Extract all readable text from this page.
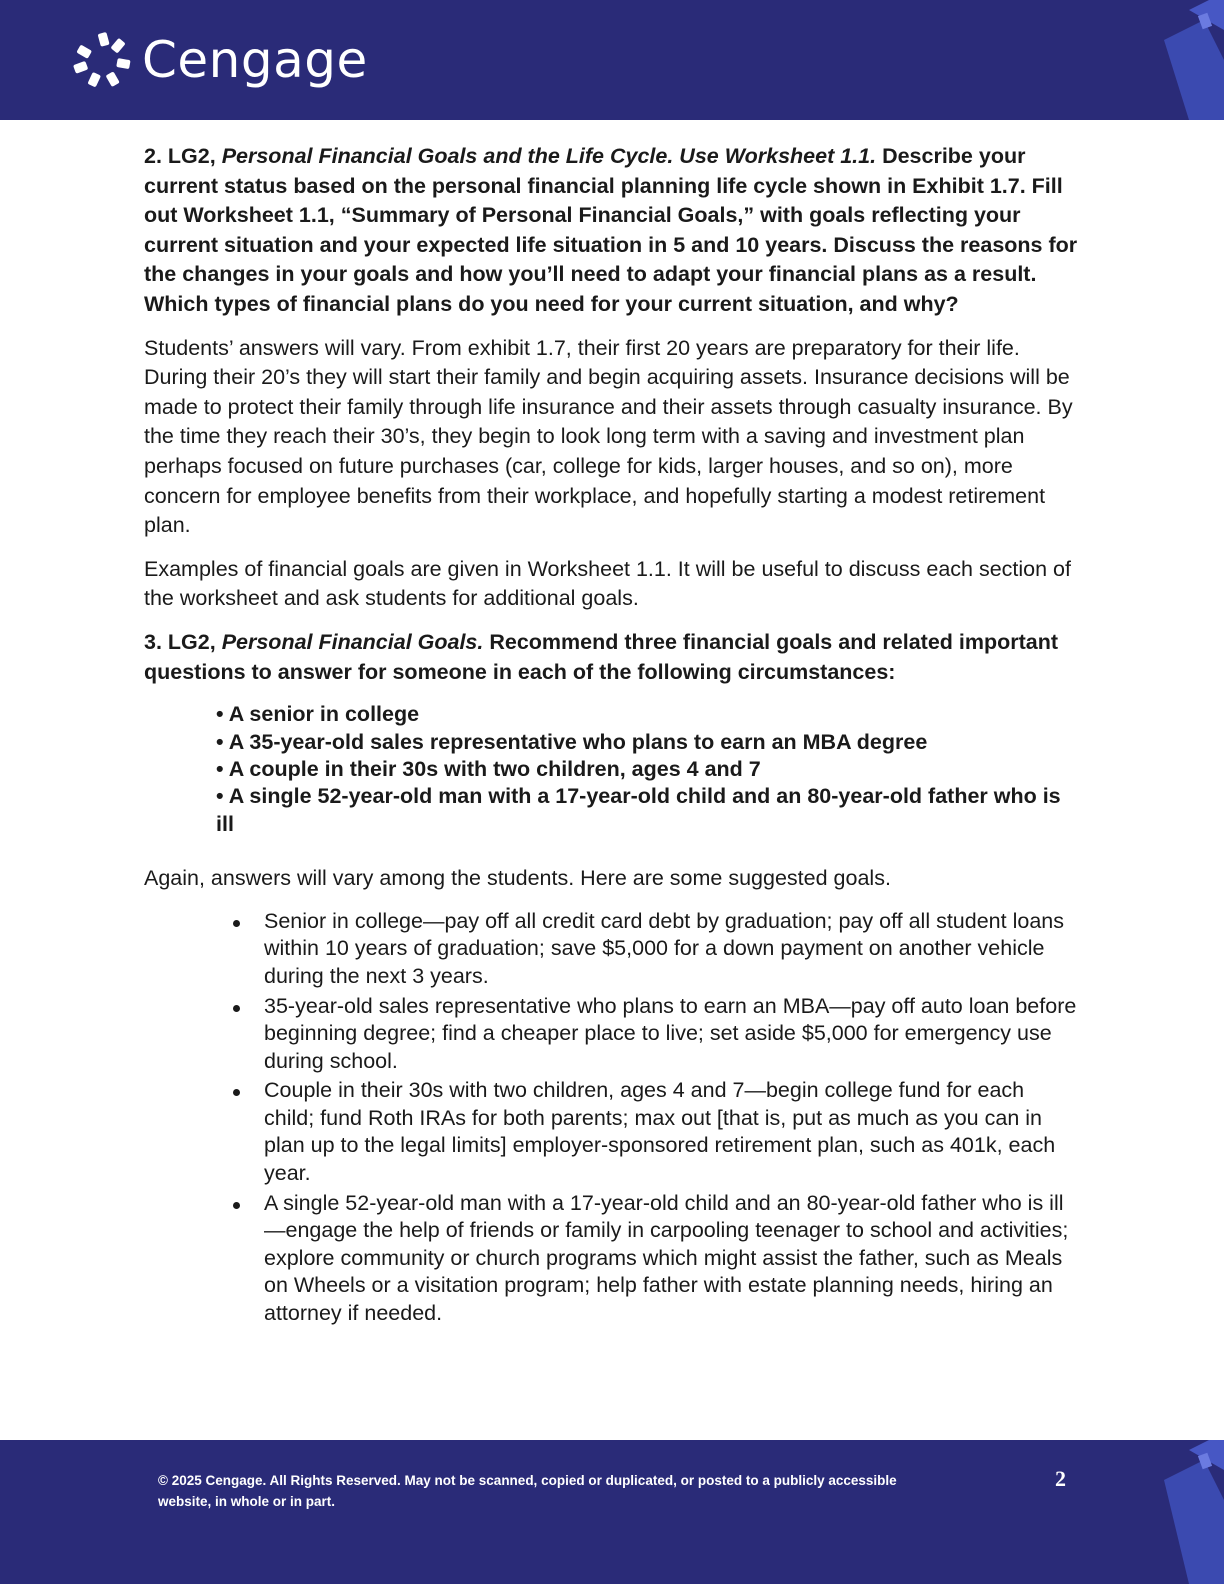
Cengage

2. LG2, Personal Financial Goals and the Life Cycle. Use Worksheet 1.1. Describe your current status based on the personal financial planning life cycle shown in Exhibit 1.7. Fill out Worksheet 1.1, “Summary of Personal Financial Goals,” with goals reflecting your current situation and your expected life situation in 5 and 10 years. Discuss the reasons for the changes in your goals and how you’ll need to adapt your financial plans as a result. Which types of financial plans do you need for your current situation, and why?

Students’ answers will vary. From exhibit 1.7, their first 20 years are preparatory for their life. During their 20’s they will start their family and begin acquiring assets. Insurance decisions will be made to protect their family through life insurance and their assets through casualty insurance. By the time they reach their 30’s, they begin to look long term with a saving and investment plan perhaps focused on future purchases (car, college for kids, larger houses, and so on), more concern for employee benefits from their workplace, and hopefully starting a modest retirement plan.

Examples of financial goals are given in Worksheet 1.1. It will be useful to discuss each section of the worksheet and ask students for additional goals.

3. LG2, Personal Financial Goals. Recommend three financial goals and related important questions to answer for someone in each of the following circumstances:

• A senior in college
• A 35-year-old sales representative who plans to earn an MBA degree
• A couple in their 30s with two children, ages 4 and 7
• A single 52-year-old man with a 17-year-old child and an 80-year-old father who is ill

Again, answers will vary among the students. Here are some suggested goals.

Senior in college—pay off all credit card debt by graduation; pay off all student loans within 10 years of graduation; save $5,000 for a down payment on another vehicle during the next 3 years.
35-year-old sales representative who plans to earn an MBA—pay off auto loan before beginning degree; find a cheaper place to live; set aside $5,000 for emergency use during school.
Couple in their 30s with two children, ages 4 and 7—begin college fund for each child; fund Roth IRAs for both parents; max out [that is, put as much as you can in plan up to the legal limits] employer-sponsored retirement plan, such as 401k, each year.
A single 52-year-old man with a 17-year-old child and an 80-year-old father who is ill—engage the help of friends or family in carpooling teenager to school and activities; explore community or church programs which might assist the father, such as Meals on Wheels or a visitation program; help father with estate planning needs, hiring an attorney if needed.
© 2025 Cengage. All Rights Reserved. May not be scanned, copied or duplicated, or posted to a publicly accessible website, in whole or in part.
2
